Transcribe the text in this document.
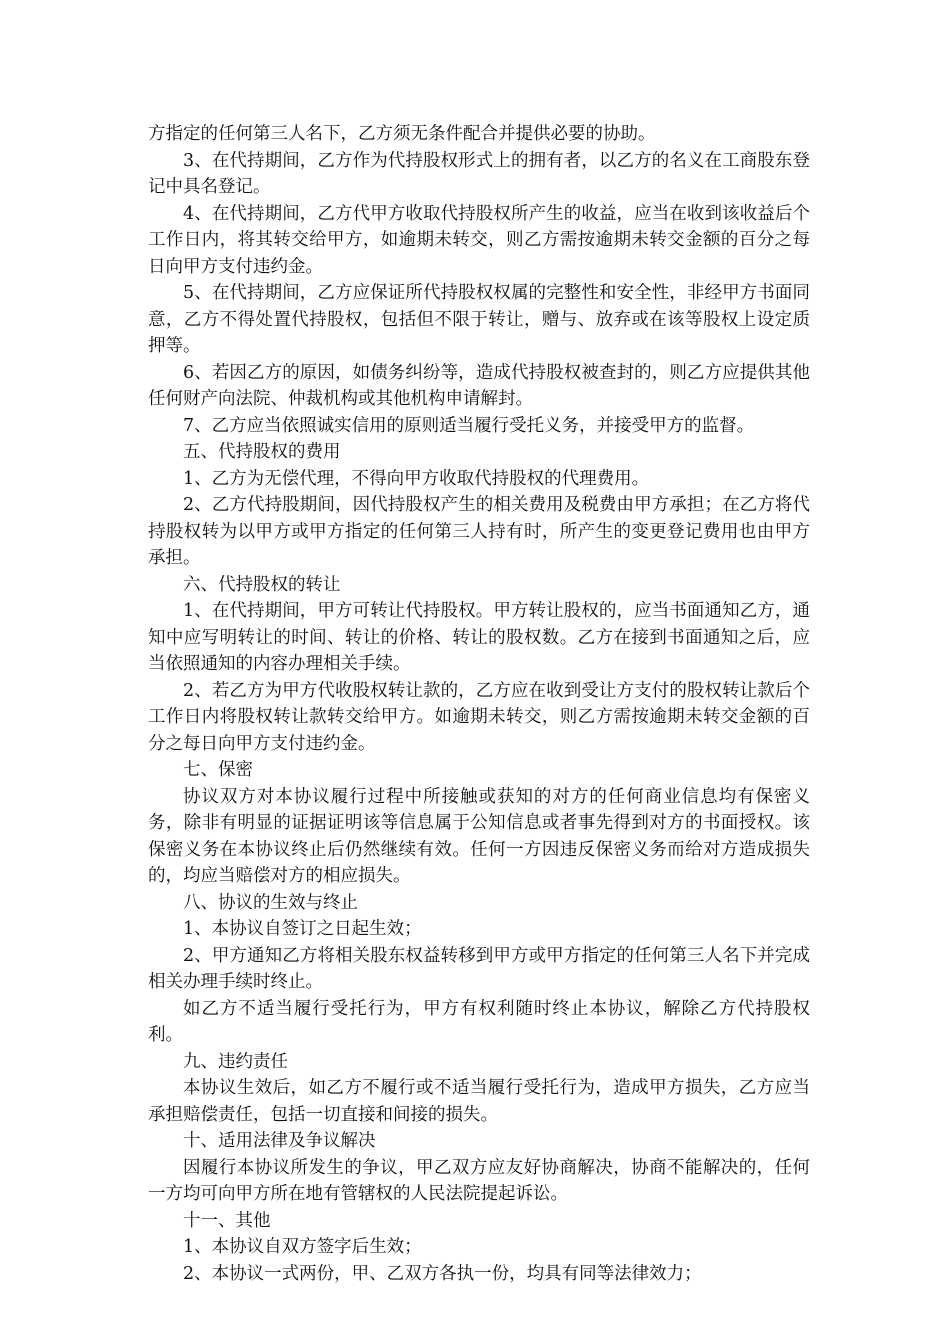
方指定的任何第三人名下，乙方须无条件配合并提供必要的协助。

3、在代持期间，乙方作为代持股权形式上的拥有者，以乙方的名义在工商股东登记中具名登记。

4、在代持期间，乙方代甲方收取代持股权所产生的收益，应当在收到该收益后个工作日内，将其转交给甲方，如逾期未转交，则乙方需按逾期未转交金额的百分之每日向甲方支付违约金。

5、在代持期间，乙方应保证所代持股权权属的完整性和安全性，非经甲方书面同意，乙方不得处置代持股权，包括但不限于转让，赠与、放弃或在该等股权上设定质押等。

6、若因乙方的原因，如债务纠纷等，造成代持股权被查封的，则乙方应提供其他任何财产向法院、仲裁机构或其他机构申请解封。

7、乙方应当依照诚实信用的原则适当履行受托义务，并接受甲方的监督。

五、代持股权的费用

1、乙方为无偿代理，不得向甲方收取代持股权的代理费用。

2、乙方代持股期间，因代持股权产生的相关费用及税费由甲方承担；在乙方将代持股权转为以甲方或甲方指定的任何第三人持有时，所产生的变更登记费用也由甲方承担。

六、代持股权的转让

1、在代持期间，甲方可转让代持股权。甲方转让股权的，应当书面通知乙方，通知中应写明转让的时间、转让的价格、转让的股权数。乙方在接到书面通知之后，应当依照通知的内容办理相关手续。

2、若乙方为甲方代收股权转让款的，乙方应在收到受让方支付的股权转让款后个工作日内将股权转让款转交给甲方。如逾期未转交，则乙方需按逾期未转交金额的百分之每日向甲方支付违约金。

七、保密

协议双方对本协议履行过程中所接触或获知的对方的任何商业信息均有保密义务，除非有明显的证据证明该等信息属于公知信息或者事先得到对方的书面授权。该保密义务在本协议终止后仍然继续有效。任何一方因违反保密义务而给对方造成损失的，均应当赔偿对方的相应损失。

八、协议的生效与终止

1、本协议自签订之日起生效；

2、甲方通知乙方将相关股东权益转移到甲方或甲方指定的任何第三人名下并完成相关办理手续时终止。

如乙方不适当履行受托行为，甲方有权利随时终止本协议，解除乙方代持股权利。

九、违约责任

本协议生效后，如乙方不履行或不适当履行受托行为，造成甲方损失，乙方应当承担赔偿责任，包括一切直接和间接的损失。

十、适用法律及争议解决

因履行本协议所发生的争议，甲乙双方应友好协商解决，协商不能解决的，任何一方均可向甲方所在地有管辖权的人民法院提起诉讼。

十一、其他

1、本协议自双方签字后生效；

2、本协议一式两份，甲、乙双方各执一份，均具有同等法律效力；
